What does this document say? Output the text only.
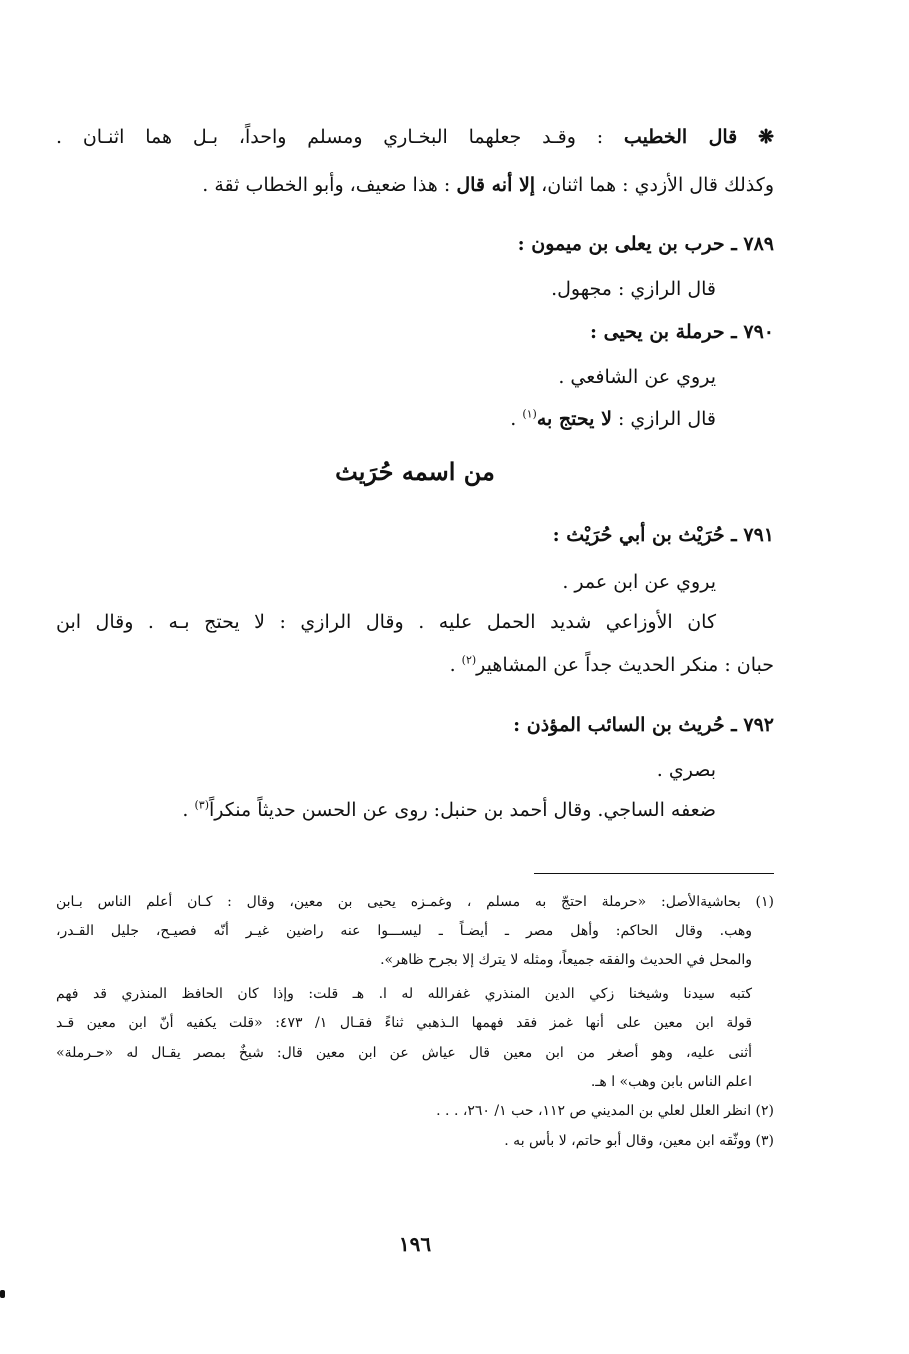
❋ قال الخطيب : وقـد جعلهما البخـاري ومسلم واحداً، بـل هما اثنـان .
وكذلك قال الأزدي : هما اثنان، إلا أنه قال : هذا ضعيف، وأبو الخطاب ثقة .
٧٨٩ ـ حرب بن يعلى بن ميمون :
قال الرازي : مجهول.
٧٩٠ ـ حرملة بن يحيى :
يروي عن الشافعي .
قال الرازي : لا يحتج به$^{(١)}$ .
من اسمه حُرَيث
٧٩١ ـ حُرَيْث بن أبي حُرَيْث :
يروي عن ابن عمر .
كان الأوزاعي شديد الحمل عليه . وقال الرازي : لا يحتج بـه . وقال ابن
حبان : منكر الحديث جداً عن المشاهير$^{(٢)}$ .
٧٩٢ ـ حُريث بن السائب المؤذن :
بصري .
ضعفه الساجي. وقال أحمد بن حنبل: روى عن الحسن حديثاً منكراً$^{(٣)}$ .
(١) بحاشيةالأصل: «حرملة احتجّ به مسلم ، وغمـزه يحيى بن معين، وقال : كـان أعلم الناس بـابن
وهب. وقال الحاكم: وأهل مصر ـ أيضـاً ـ ليســـوا عنه راضين غيـر أنّه فصيـح، جليل القـدر،
والمحل في الحديث والفقه جميعاً، ومثله لا يترك إلا بجرح ظاهر».
كتبه سيدنا وشيخنا زكي الدين المنذري غفرالله له ا. هـ قلت: وإذا كان الحافظ المنذري قد فهم
قولة ابن معين على أنها غمز فقد فهمها الـذهبي ثناءً فقـال ١/ ٤٧٣: «قلت يكفيه أنّ ابن معين قـد
أثنى عليه، وهو أصغر من ابن معين قال عياش عن ابن معين قال: شيخٌ بمصر يقـال له «حـرملة»
اعلم الناس بابن وهب» ا هـ.
(٢) انظر العلل لعلي بن المديني ص ١١٢، حب ١/ ٢٦٠، . . .
(٣) ووثّقه ابن معين، وقال أبو حاتم، لا بأس به .
١٩٦
